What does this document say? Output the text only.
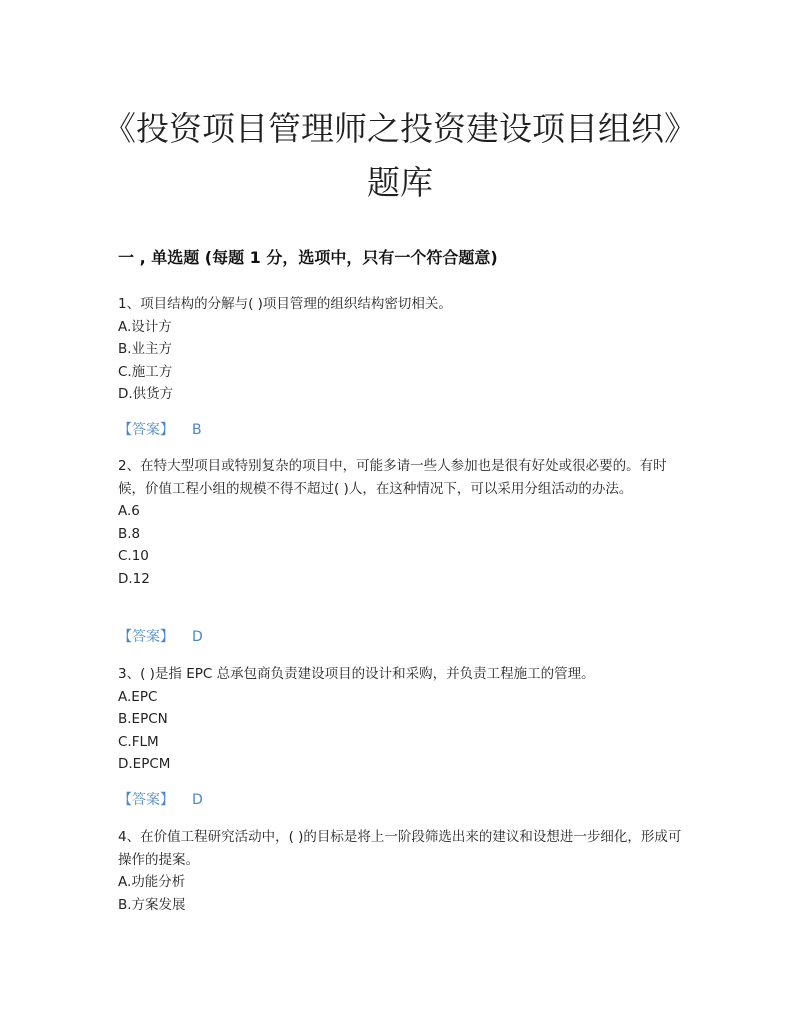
《投资项目管理师之投资建设项目组织》题库
一 , 单选题 (每题 1 分，选项中，只有一个符合题意)

1、项目结构的分解与( )项目管理的组织结构密切相关。

A.设计方

B.业主方

C.施工方

D.供货方

【答案】 B

2、在特大型项目或特别复杂的项目中，可能多请一些人参加也是很有好处或很必要的。有时候，价值工程小组的规模不得不超过( )人，在这种情况下，可以采用分组活动的办法。

A.6

B.8

C.10

D.12

【答案】 D

3、( )是指 EPC 总承包商负责建设项目的设计和采购，并负责工程施工的管理。

A.EPC

B.EPCN

C.FLM

D.EPCM

【答案】 D

4、在价值工程研究活动中，( )的目标是将上一阶段筛选出来的建议和设想进一步细化，形成可操作的提案。

A.功能分析

B.方案发展
